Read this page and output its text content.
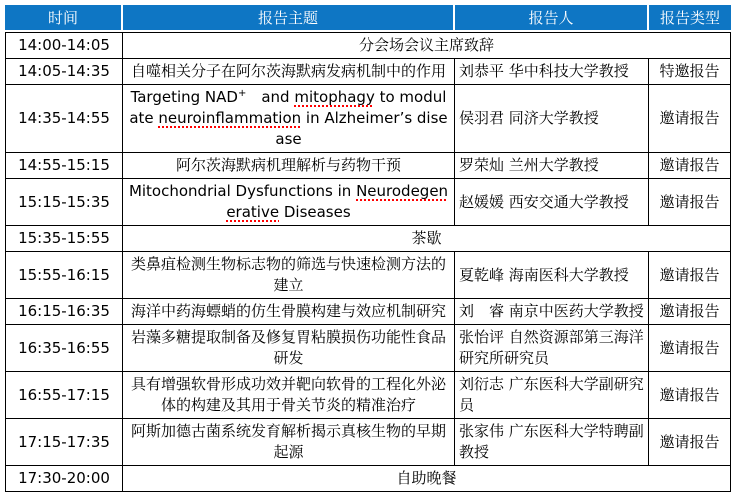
时间	报告主题	报告人	报告类型
14:00-14:05	分会场会议主席致辞		
14:05-14:35	自噬相关分子在阿尔茨海默病发病机制中的作用	刘恭平 华中科技大学教授	特邀报告
14:35-14:55	Targeting NAD+　and mitophagy to modulate neuroinflammation in Alzheimer’s disease	侯羽君 同济大学教授	邀请报告
14:55-15:15	阿尔茨海默病机理解析与药物干预	罗荣灿 兰州大学教授	邀请报告
15:15-15:35	Mitochondrial Dysfunctions in Neurodegenerative Diseases	赵媛媛 西安交通大学教授	邀请报告
15:35-15:55	茶歇		
15:55-16:15	类鼻疽检测生物标志物的筛选与快速检测方法的建立	夏乾峰 海南医科大学教授	邀请报告
16:15-16:35	海洋中药海螵蛸的仿生骨膜构建与效应机制研究	刘　睿 南京中医药大学教授	邀请报告
16:35-16:55	岩藻多糖提取制备及修复胃粘膜损伤功能性食品研发	张怡评 自然资源部第三海洋研究所研究员	邀请报告
16:55-17:15	具有增强软骨形成功效并靶向软骨的工程化外泌体的构建及其用于骨关节炎的精准治疗	刘衍志 广东医科大学副研究员	邀请报告
17:15-17:35	阿斯加德古菌系统发育解析揭示真核生物的早期起源	张家伟 广东医科大学特聘副教授	邀请报告
17:30-20:00	自助晚餐		
